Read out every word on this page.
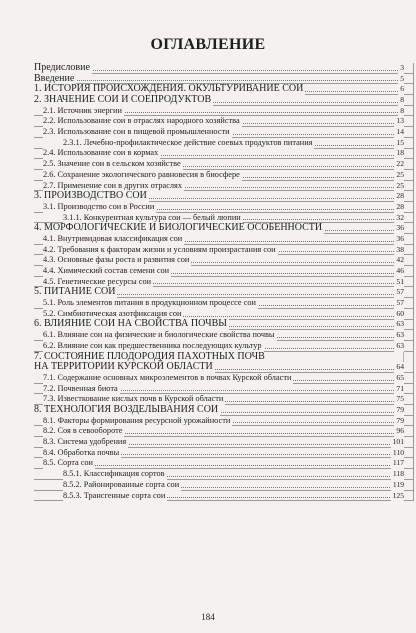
ОГЛАВЛЕНИЕ
Предисловие	3
Введение	5
1. ИСТОРИЯ ПРОИСХОЖДЕНИЯ. ОКУЛЬТУРИВАНИЕ СОИ	6
2. ЗНАЧЕНИЕ СОИ И СОЕПРОДУКТОВ	8
2.1. Источник энергии	8
2.2. Использование сои в отраслях народного хозяйства	13
2.3. Использование сои в пищевой промышленности	14
2.3.1. Лечебно-профилактическое действие соевых продуктов питания	15
2.4. Использование сои в кормах	18
2.5. Значение сои в сельском хозяйстве	22
2.6. Сохранение экологического равновесия в биосфере	25
2.7. Применение сои в других отраслях	25
3. ПРОИЗВОДСТВО СОИ	28
3.1. Производство сои в России	28
3.1.1. Конкурентная культура сои — белый люпин	32
4. МОРФОЛОГИЧЕСКИЕ И БИОЛОГИЧЕСКИЕ ОСОБЕННОСТИ	36
4.1. Внутривидовая классификация сои	36
4.2. Требования к факторам жизни и условиям произрастания сои	38
4.3. Основные фазы роста и развития сои	42
4.4. Химический состав семени сои	46
4.5. Генетические ресурсы сои	51
5. ПИТАНИЕ СОИ	57
5.1. Роль элементов питания в продукционном процессе сои	57
5.2. Симбиотическая азотфиксация сои	60
6. ВЛИЯНИЕ СОИ НА СВОЙСТВА ПОЧВЫ	63
6.1. Влияние сои на физические и биологические свойства почвы	63
6.2. Влияние сои как предшественника последующих культур	63
7. СОСТОЯНИЕ ПЛОДОРОДИЯ ПАХОТНЫХ ПОЧВ
НА ТЕРРИТОРИИ КУРСКОЙ ОБЛАСТИ	64
7.1. Содержание основных микроэлементов в почвах Курской области	65
7.2. Почвенная биота	71
7.3. Известкование кислых почв в Курской области	75
8. ТЕХНОЛОГИЯ ВОЗДЕЛЫВАНИЯ СОИ	79
8.1. Факторы формирования ресурсной урожайности	79
8.2. Соя в севообороте	96
8.3. Система удобрения	101
8.4. Обработка почвы	110
8.5. Сорта сои	117
8.5.1. Классификация сортов	118
8.5.2. Районированные сорта сои	119
8.5.3. Трансгенные сорта сои	125
184
